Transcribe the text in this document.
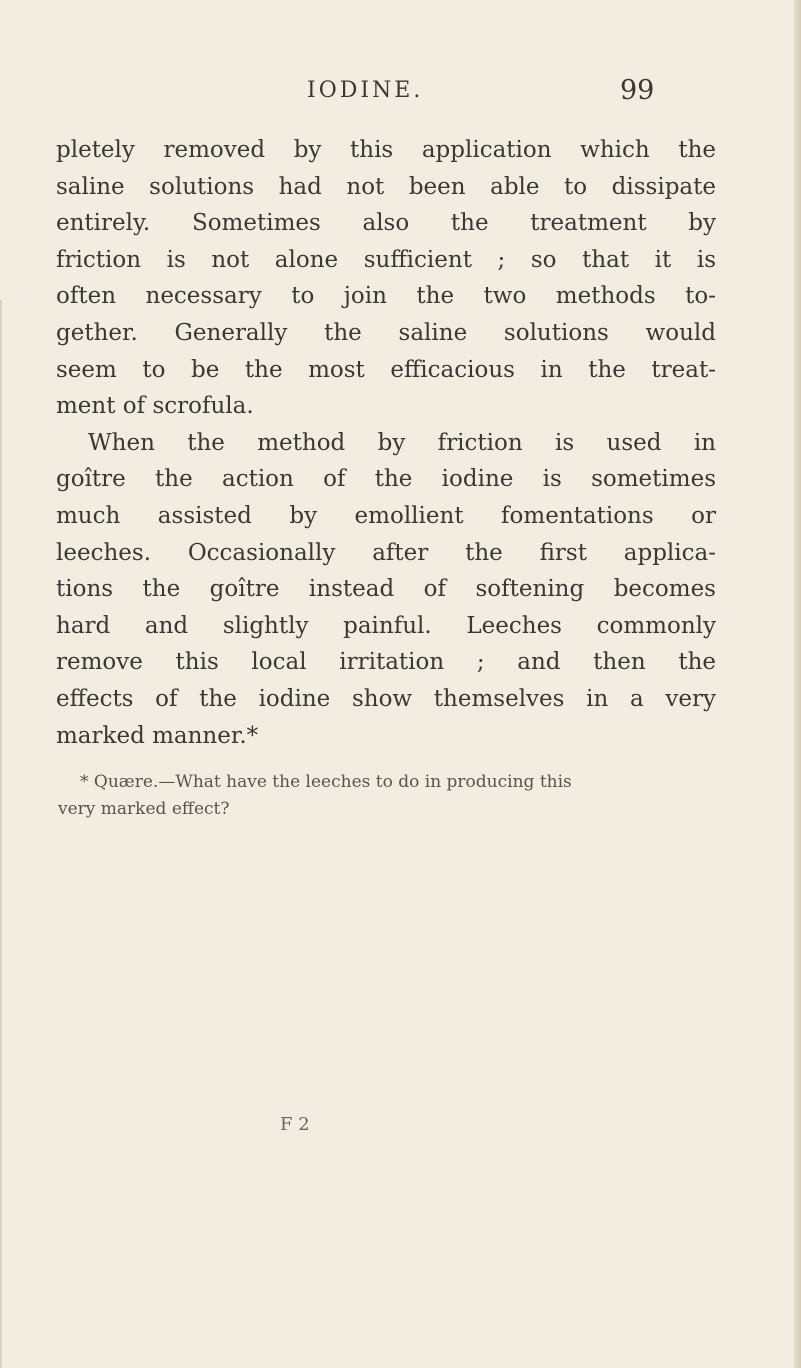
IODINE.	99
pletely removed by this application which the
saline solutions had not been able to dissipate
entirely. Sometimes also the treatment by
friction is not alone sufficient ; so that it is
often necessary to join the two methods to-
gether. Generally the saline solutions would
seem to be the most efficacious in the treat-
ment of scrofula.
When the method by friction is used in
goître the action of the iodine is sometimes
much assisted by emollient fomentations or
leeches. Occasionally after the first applica-
tions the goître instead of softening becomes
hard and slightly painful. Leeches commonly
remove this local irritation ; and then the
effects of the iodine show themselves in a very
marked manner.*
* Quære.—What have the leeches to do in producing this
very marked effect?
F 2
